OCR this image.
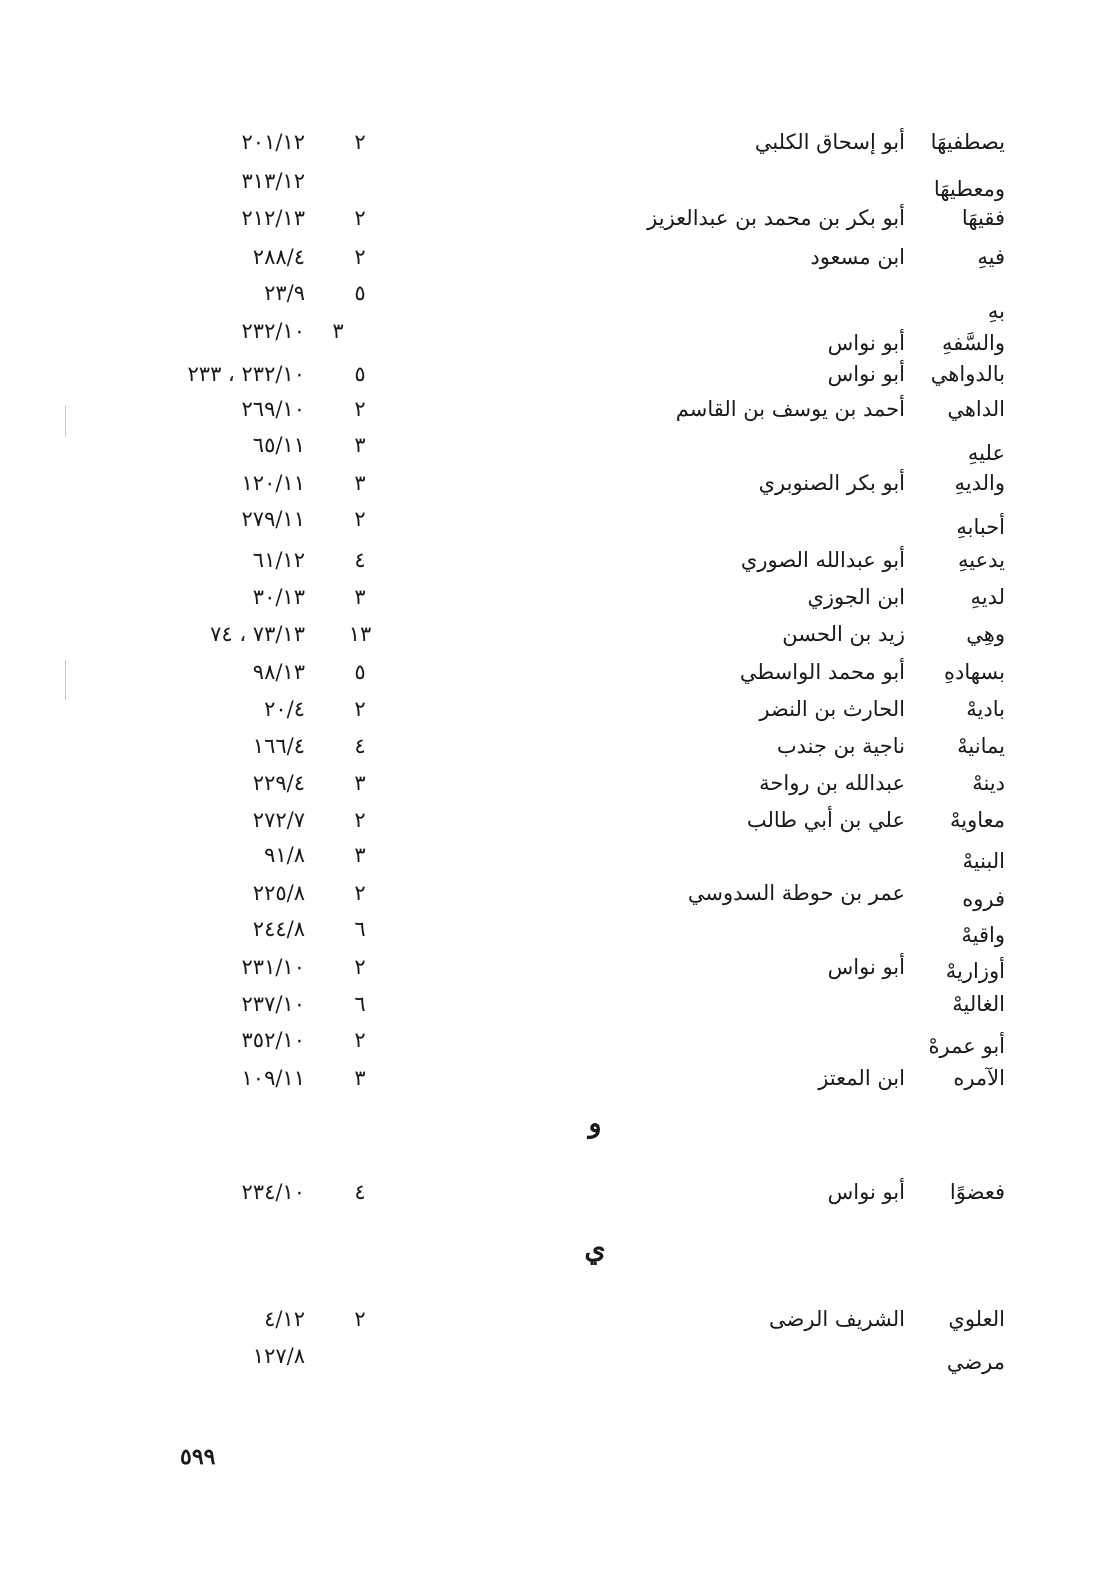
يصطفيهَا
أبو إسحاق الكلبي
٢
٢٠١/١٢
ومعطيهَا
٣١٣/١٢
فقيهَا
أبو بكر بن محمد بن عبدالعزيز
٢
٢١٢/١٣
فيهِ
ابن مسعود
٢
٢٨٨/٤
بهِ
٥
٢٣/٩
والسَّفهِ
أبو نواس
٣
٢٣٢/١٠
بالدواهي
أبو نواس
٥
٢٣٢/١٠ ، ٢٣٣
الداهي
أحمد بن يوسف بن القاسم
٢
٢٦٩/١٠
عليهِ
٣
٦٥/١١
والديهِ
أبو بكر الصنوبري
٣
١٢٠/١١
أحبابهِ
٢
٢٧٩/١١
يدعيهِ
أبو عبدالله الصوري
٤
٦١/١٢
لديهِ
ابن الجوزي
٣
٣٠/١٣
وهِي
زيد بن الحسن
١٣
٧٣/١٣ ، ٧٤
بسهادهِ
أبو محمد الواسطي
٥
٩٨/١٣
باديهْ
الحارث بن النضر
٢
٢٠/٤
يمانيهْ
ناجية بن جندب
٤
١٦٦/٤
دينهْ
عبدالله بن رواحة
٣
٢٢٩/٤
معاويهْ
علي بن أبي طالب
٢
٢٧٢/٧
البنيهْ
٣
٩١/٨
فروه
عمر بن حوطة السدوسي
٢
٢٢٥/٨
واقيهْ
٦
٢٤٤/٨
أوزاريهْ
أبو نواس
٢
٢٣١/١٠
الغاليهْ
٦
٢٣٧/١٠
أبو عمرهْ
٢
٣٥٢/١٠
الآمره
ابن المعتز
٣
١٠٩/١١
و
فعضوًا
أبو نواس
٤
٢٣٤/١٠
ي
العلوي
الشريف الرضى
٢
٤/١٢
مرضي
١٢٧/٨
٥٩٩
